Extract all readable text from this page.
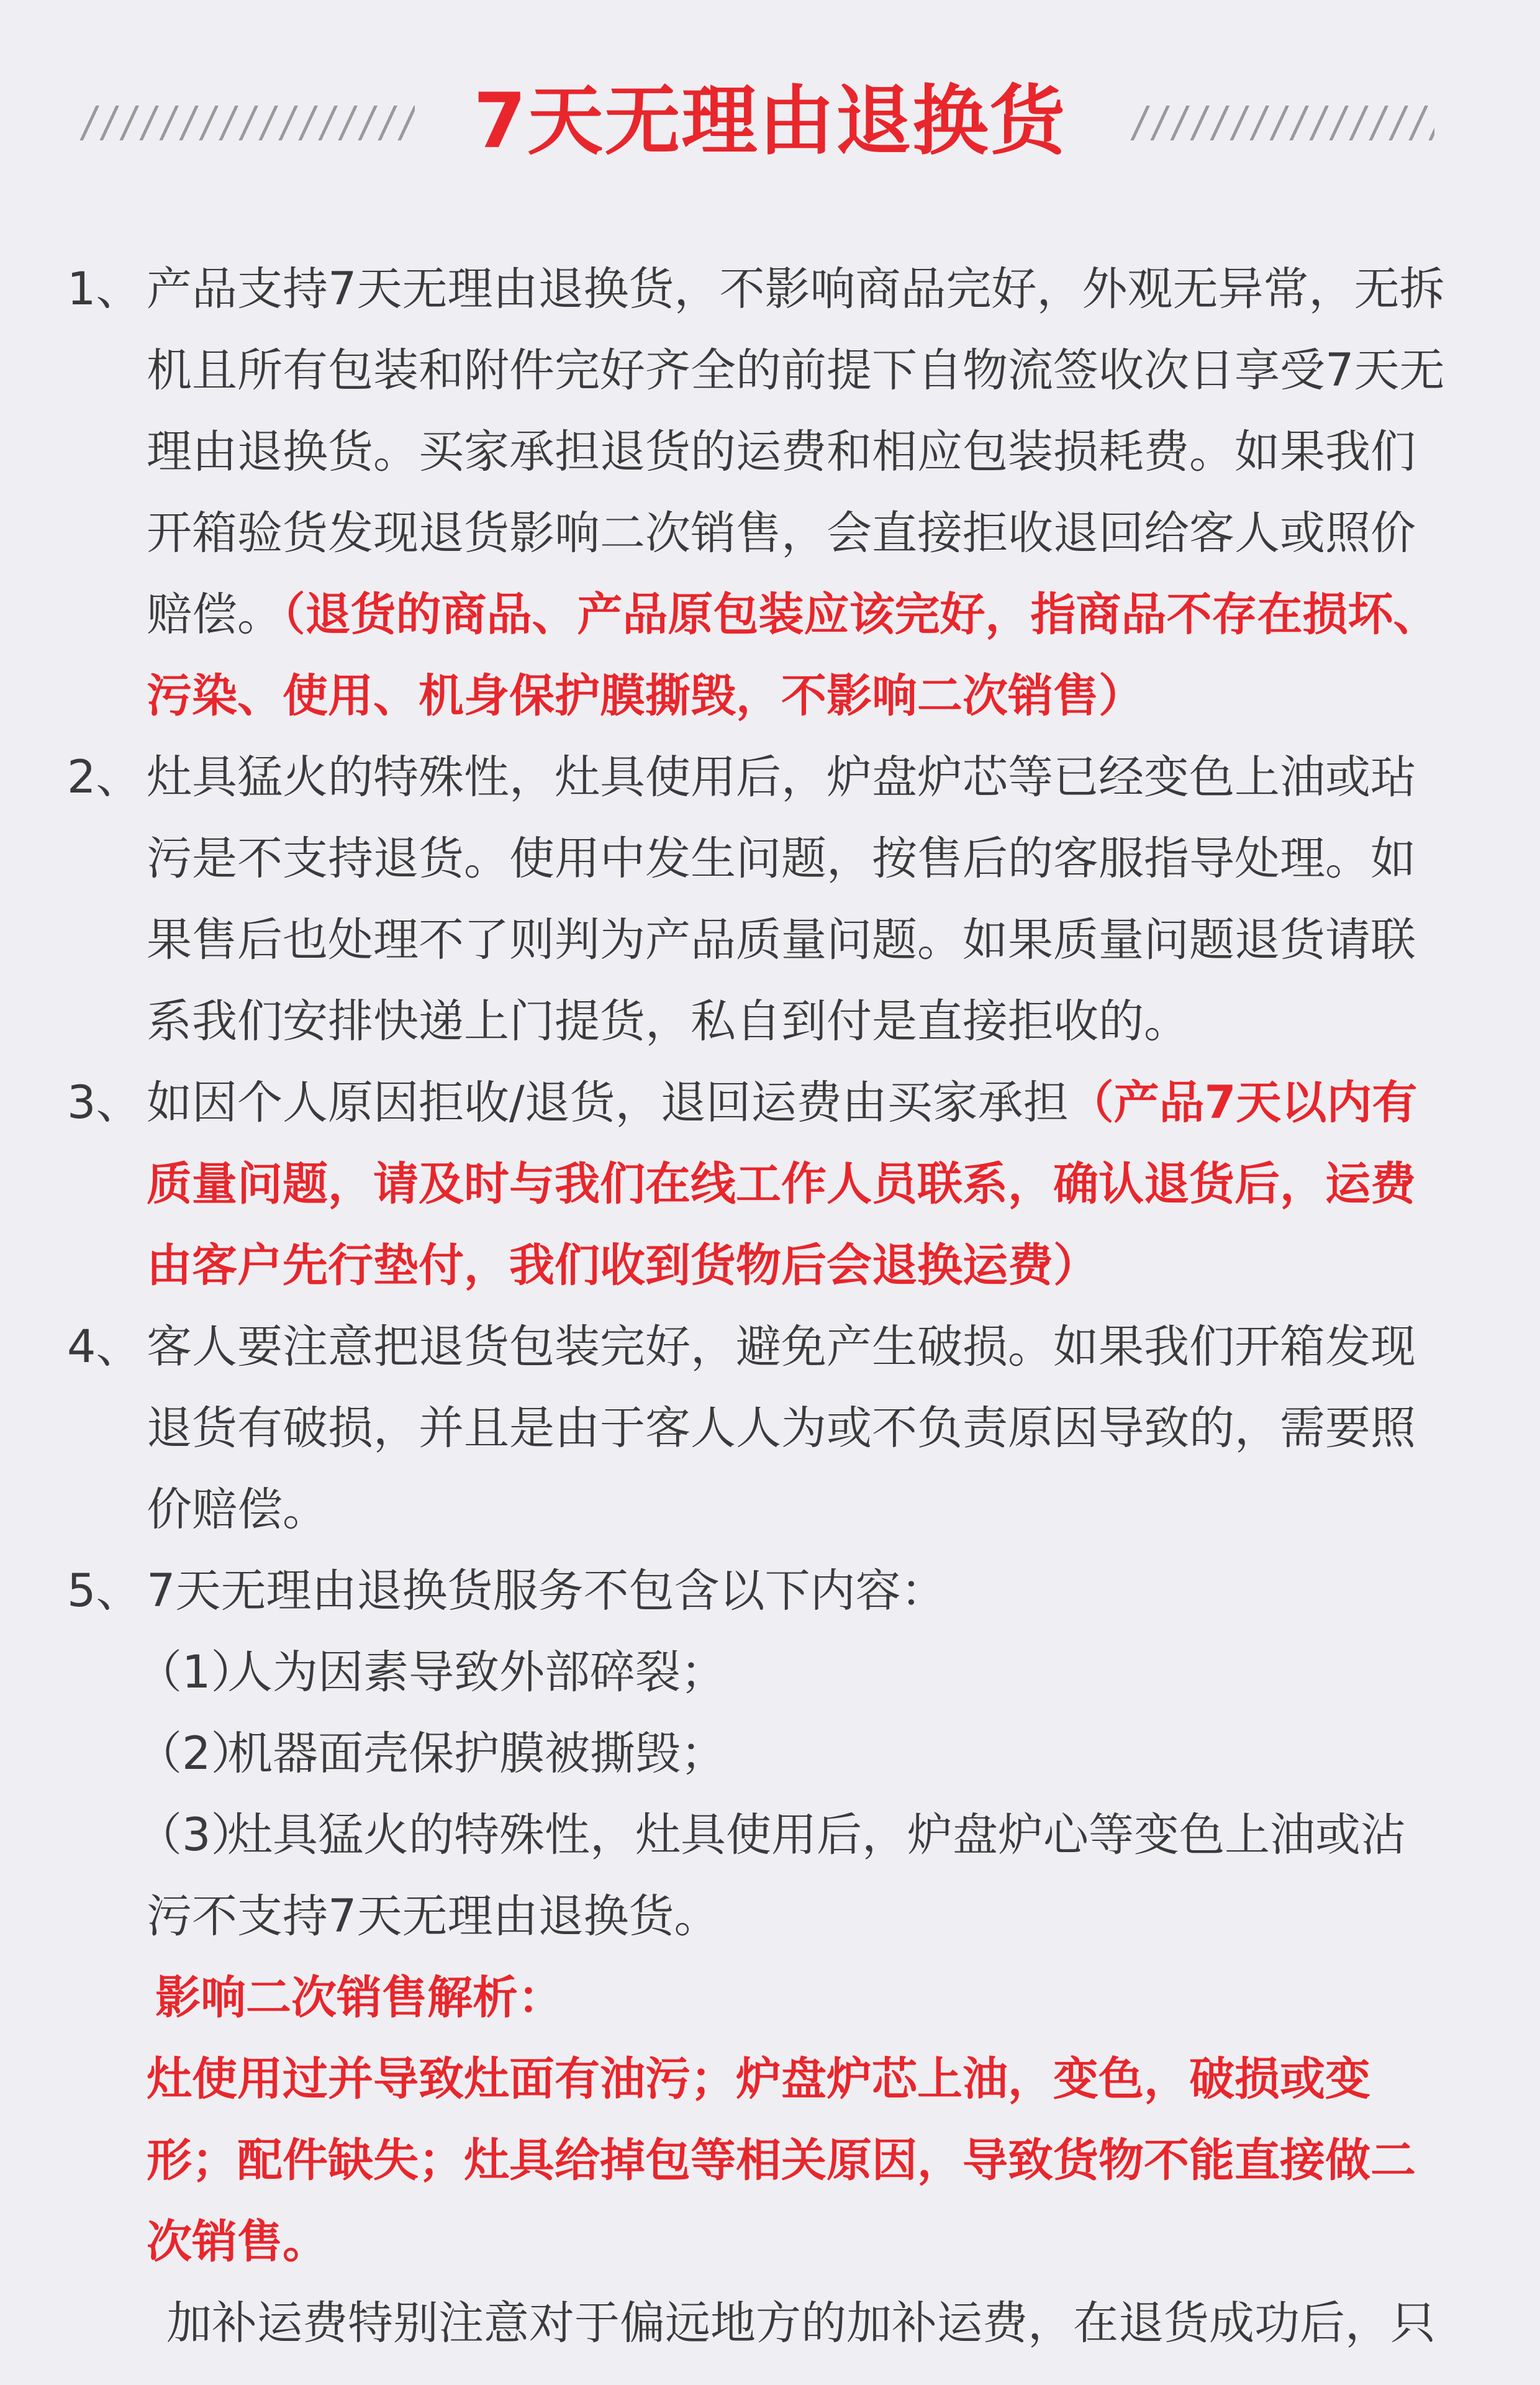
7天无理由退换货

1、 产品支持7天无理由退换货，不影响商品完好，外观无异常，无拆机且所有包装和附件完好齐全的前提下自物流签收次日享受7天无理由退换货。买家承担退货的运费和相应包装损耗费。如果我们开箱验货发现退货影响二次销售，会直接拒收退回给客人或照价赔偿。（退货的商品、产品原包装应该完好，指商品不存在损坏、污染、使用、机身保护膜撕毁，不影响二次销售）

2、 灶具猛火的特殊性，灶具使用后，炉盘炉芯等已经变色上油或玷污是不支持退货。使用中发生问题，按售后的客服指导处理。如果售后也处理不了则判为产品质量问题。如果质量问题退货请联系我们安排快递上门提货，私自到付是直接拒收的。

3、 如因个人原因拒收/退货，退回运费由买家承担（产品7天以内有质量问题，请及时与我们在线工作人员联系，确认退货后，运费由客户先行垫付，我们收到货物后会退换运费）

4、 客人要注意把退货包装完好，避免产生破损。如果我们开箱发现退货有破损，并且是由于客人人为或不负责原因导致的，需要照价赔偿。

5、 7天无理由退换货服务不包含以下内容：

（1）
人为因素导致外部碎裂；

（2）
机器面壳保护膜被撕毁；

（3）
灶具猛火的特殊性，灶具使用后，炉盘炉心等变色上油或沾

污不支持7天无理由退换货。

影响二次销售解析：

灶使用过并导致灶面有油污；炉盘炉芯上油，变色，破损或变形；配件缺失；灶具给掉包等相关原因，导致货物不能直接做二次销售。

加补运费特别注意对于偏远地方的加补运费，在退货成功后，只
